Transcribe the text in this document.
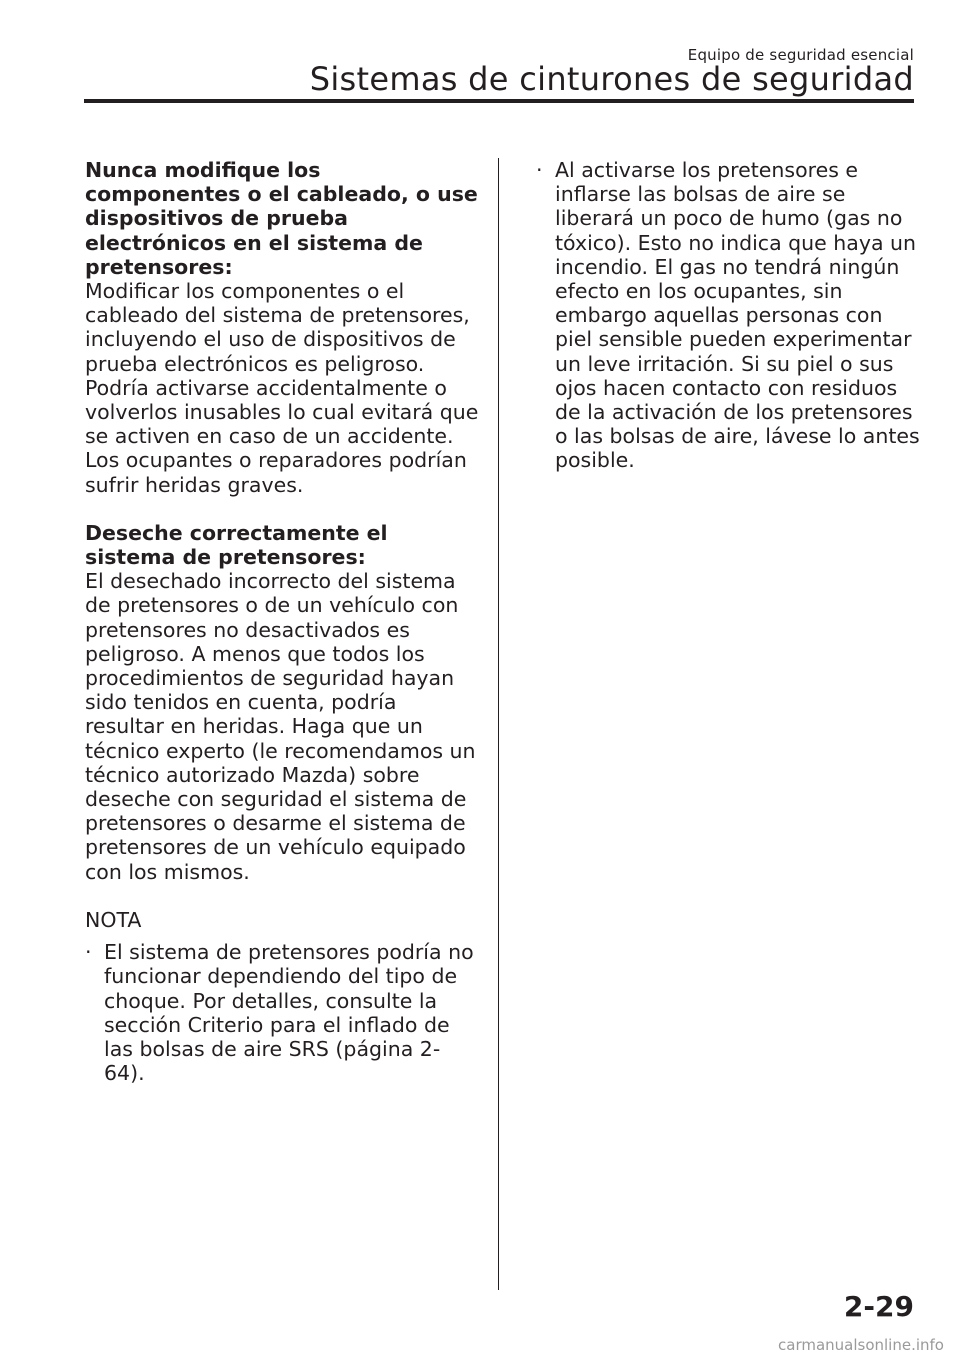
Equipo de seguridad esencial
Sistemas de cinturones de seguridad
Nunca modifique los componentes o el cableado, o use dispositivos de prueba electrónicos en el sistema de pretensores:
Modificar los componentes o el cableado del sistema de pretensores, incluyendo el uso de dispositivos de prueba electrónicos es peligroso. Podría activarse accidentalmente o volverlos inusables lo cual evitará que se activen en caso de un accidente. Los ocupantes o reparadores podrían sufrir heridas graves.
Deseche correctamente el sistema de pretensores:
El desechado incorrecto del sistema de pretensores o de un vehículo con pretensores no desactivados es peligroso. A menos que todos los procedimientos de seguridad hayan sido tenidos en cuenta, podría resultar en heridas. Haga que un técnico experto (le recomendamos un técnico autorizado Mazda) sobre deseche con seguridad el sistema de pretensores o desarme el sistema de pretensores de un vehículo equipado con los mismos.
NOTA
· El sistema de pretensores podría no funcionar dependiendo del tipo de choque. Por detalles, consulte la sección Criterio para el inflado de las bolsas de aire SRS (página 2-64).
· Al activarse los pretensores e inflarse las bolsas de aire se liberará un poco de humo (gas no tóxico). Esto no indica que haya un incendio. El gas no tendrá ningún efecto en los ocupantes, sin embargo aquellas personas con piel sensible pueden experimentar un leve irritación. Si su piel o sus ojos hacen contacto con residuos de la activación de los pretensores o las bolsas de aire, lávese lo antes posible.
2-29
carmanualsonline.info
